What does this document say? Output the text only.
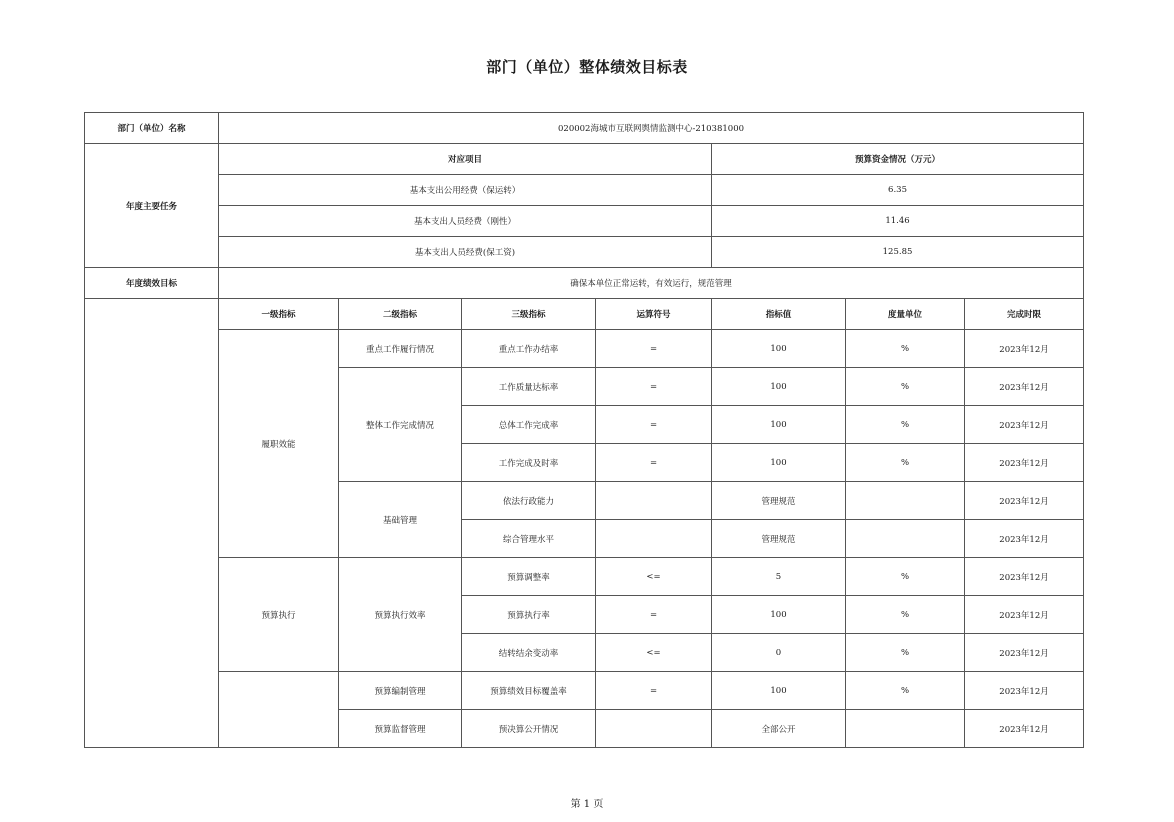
部门（单位）整体绩效目标表
部门（单位）名称	020002海城市互联网舆情监测中心-210381000						
年度主要任务	对应项目				预算资金情况（万元）		
	基本支出公用经费（保运转）				6.35		
	基本支出人员经费（刚性）				11.46		
	基本支出人员经费(保工资)				125.85		
年度绩效目标	确保本单位正常运转，有效运行，规范管理						
	一级指标	二级指标	三级指标	运算符号	指标值	度量单位	完成时限
	履职效能	重点工作履行情况	重点工作办结率	=	100	%	2023年12月
		整体工作完成情况	工作质量达标率	=	100	%	2023年12月
			总体工作完成率	=	100	%	2023年12月
			工作完成及时率	=	100	%	2023年12月
		基础管理	依法行政能力		管理规范		2023年12月
			综合管理水平		管理规范		2023年12月
	预算执行	预算执行效率	预算调整率	<=	5	%	2023年12月
			预算执行率	=	100	%	2023年12月
			结转结余变动率	<=	0	%	2023年12月
		预算编制管理	预算绩效目标覆盖率	=	100	%	2023年12月
		预算监督管理	预决算公开情况		全部公开		2023年12月
第 1 页
